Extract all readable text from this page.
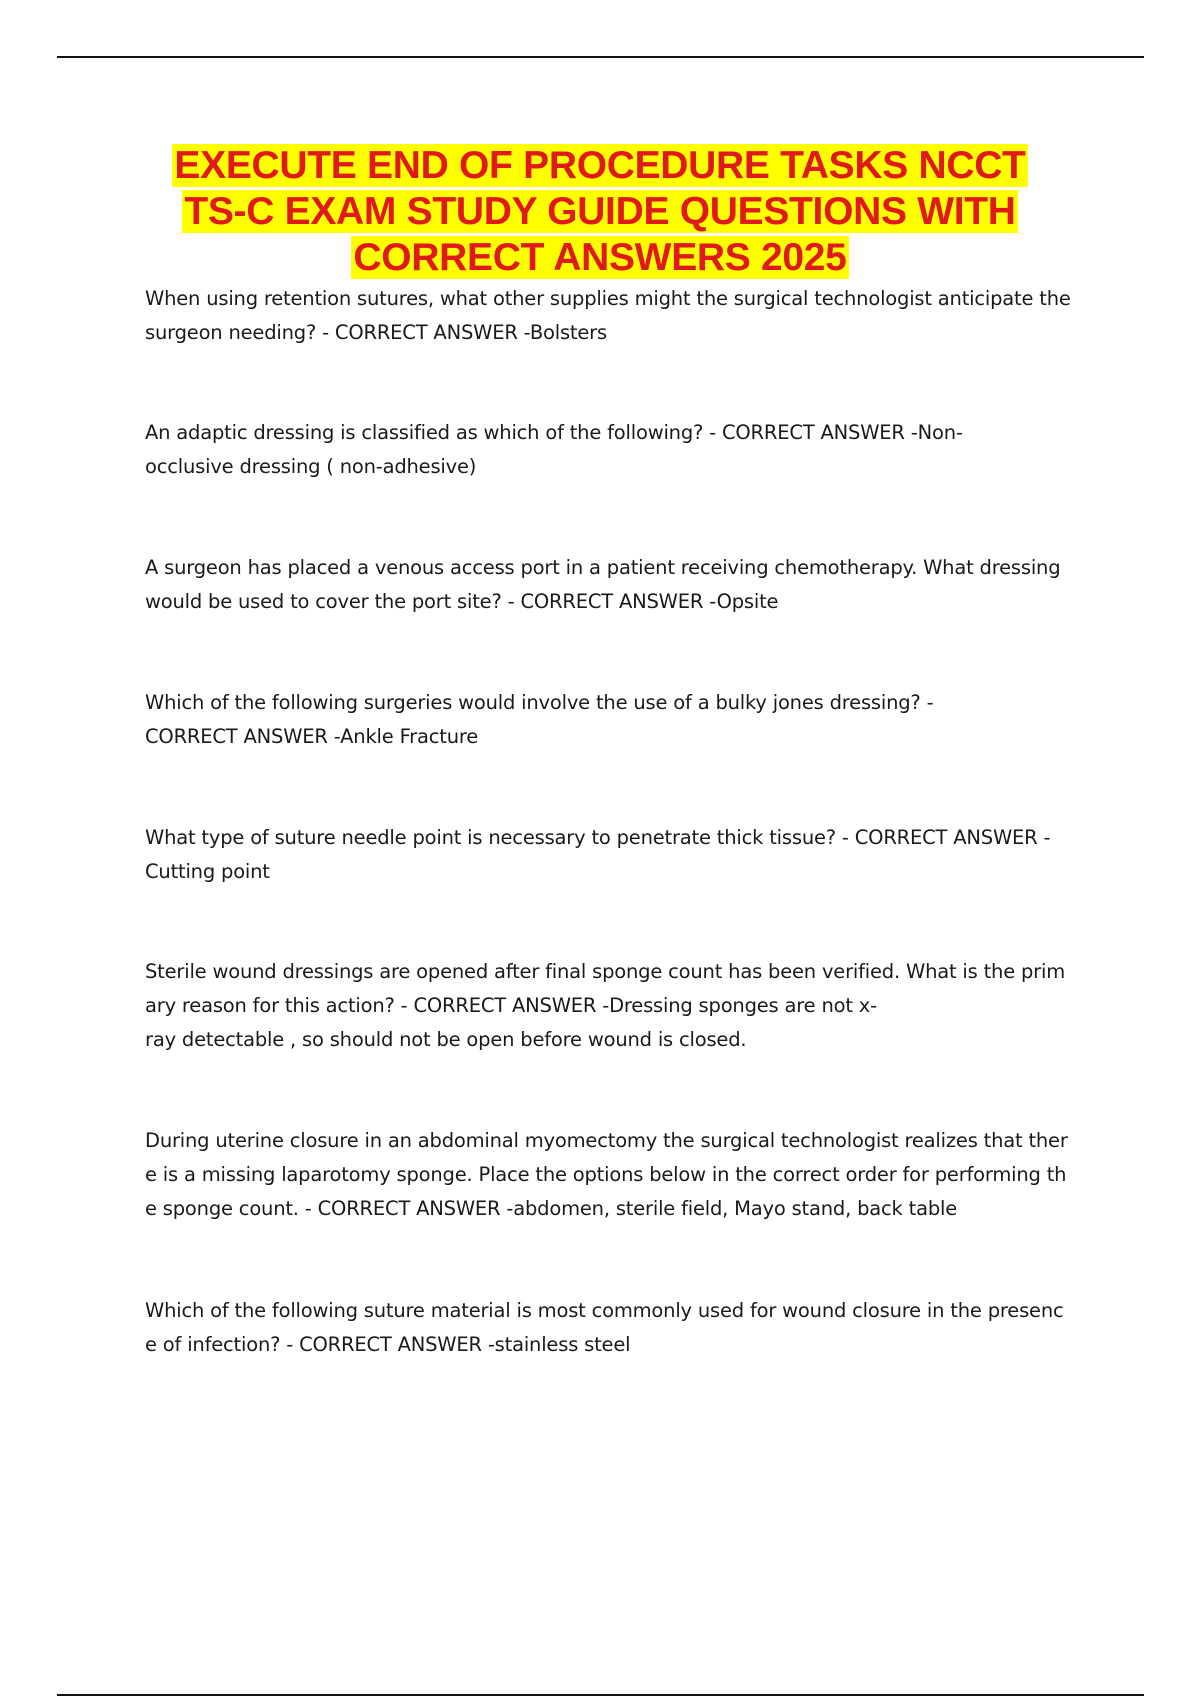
EXECUTE END OF PROCEDURE TASKS NCCT
TS-C EXAM STUDY GUIDE QUESTIONS WITH
CORRECT ANSWERS 2025

When using retention sutures, what other supplies might the surgical technologist anticipate the
surgeon needing? - CORRECT ANSWER -Bolsters

An adaptic dressing is classified as which of the following? - CORRECT ANSWER -Non-
occlusive dressing ( non-adhesive)

A surgeon has placed a venous access port in a patient receiving chemotherapy. What dressing
would be used to cover the port site? - CORRECT ANSWER -Opsite

Which of the following surgeries would involve the use of a bulky jones dressing? -
CORRECT ANSWER -Ankle Fracture

What type of suture needle point is necessary to penetrate thick tissue? - CORRECT ANSWER -
Cutting point

Sterile wound dressings are opened after final sponge count has been verified. What is the prim
ary reason for this action? - CORRECT ANSWER -Dressing sponges are not x-
ray detectable , so should not be open before wound is closed.

During uterine closure in an abdominal myomectomy the surgical technologist realizes that ther
e is a missing laparotomy sponge. Place the options below in the correct order for performing th
e sponge count. - CORRECT ANSWER -abdomen, sterile field, Mayo stand, back table

Which of the following suture material is most commonly used for wound closure in the presenc
e of infection? - CORRECT ANSWER -stainless steel
